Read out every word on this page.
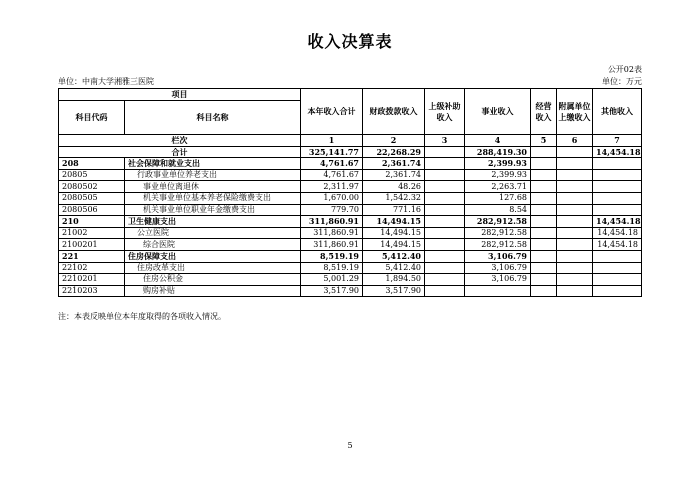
收入决算表
公开02表
单位：中南大学湘雅三医院	单位：万元
项目		本年收入合计	财政拨款收入	上级补助收入	事业收入	经营收入	附属单位上缴收入	其他收入
科目代码	科目名称							
栏次		1	2	3	4	5	6	7
合计		325,141.77	22,268.29		288,419.30			14,454.18
208	社会保障和就业支出	4,761.67	2,361.74		2,399.93			
20805	行政事业单位养老支出	4,761.67	2,361.74		2,399.93			
2080502	事业单位离退休	2,311.97	48.26		2,263.71			
2080505	机关事业单位基本养老保险缴费支出	1,670.00	1,542.32		127.68			
2080506	机关事业单位职业年金缴费支出	779.70	771.16		8.54			
210	卫生健康支出	311,860.91	14,494.15		282,912.58			14,454.18
21002	公立医院	311,860.91	14,494.15		282,912.58			14,454.18
2100201	综合医院	311,860.91	14,494.15		282,912.58			14,454.18
221	住房保障支出	8,519.19	5,412.40		3,106.79			
22102	住房改革支出	8,519.19	5,412.40		3,106.79			
2210201	住房公积金	5,001.29	1,894.50		3,106.79			
2210203	购房补贴	3,517.90	3,517.90					
注：本表反映单位本年度取得的各项收入情况。
5
